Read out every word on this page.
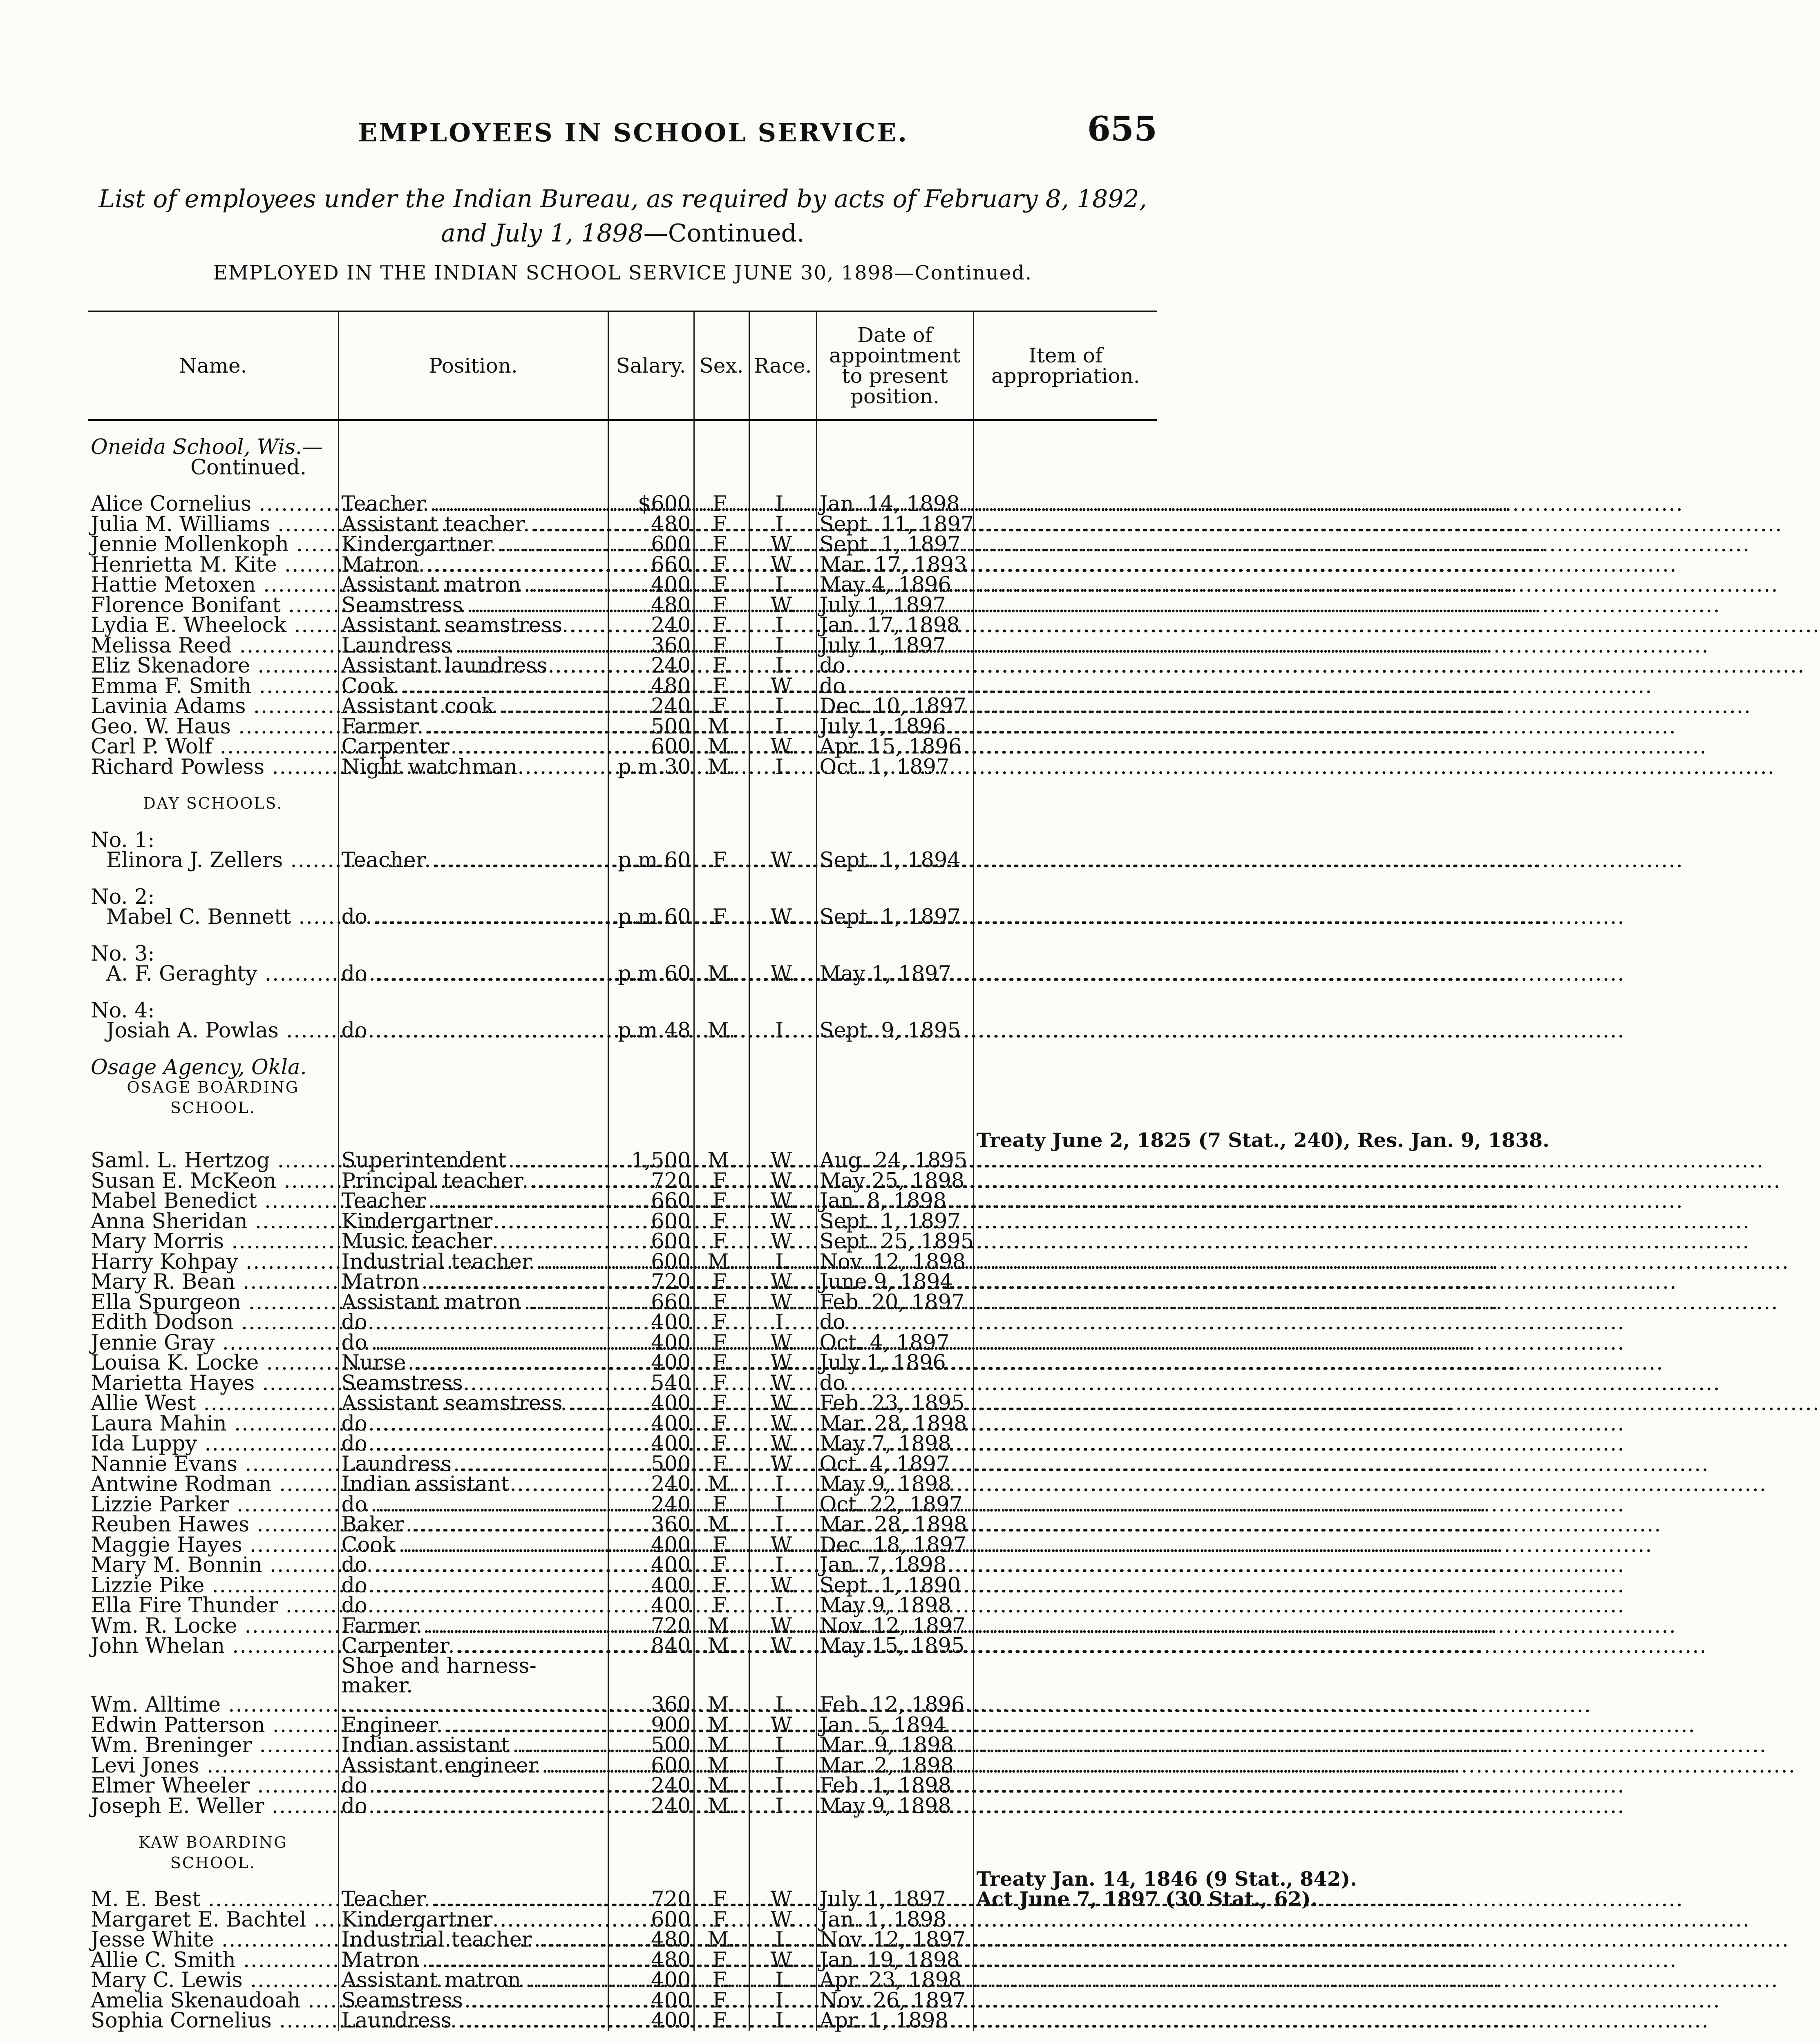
EMPLOYEES IN SCHOOL SERVICE.	655
List of employees under the Indian Bureau, as required by acts of February 8, 1892,
and July 1, 1898—Continued.
EMPLOYED IN THE INDIAN SCHOOL SERVICE JUNE 30, 1898—Continued.
Name.	Position.	Salary.	Sex.	Race.	Date of appointment to present position.	Item of appropriation.

Oneida School, Wis.—						
Continued.						

Alice Cornelius .....	Teacher .....	$600	F.	I.	Jan. 14, 1898	

Julia M. Williams .....	Assistant teacher .....	480	F.	I.	Sept. 11, 1897	

Jennie Mollenkoph .....	Kindergartner .....	600	F.	W.	Sept. 1, 1897	

Henrietta M. Kite .....	Matron .....	660	F.	W.	Mar. 17, 1893	

Hattie Metoxen .....	Assistant matron .....	400	F.	I.	May 4, 1896	

Florence Bonifant .....	Seamstress .....	480	F.	W.	July 1, 1897	

Lydia E. Wheelock .....	Assistant seamstress .....	240	F.	I.	Jan. 17, 1898	

Melissa Reed .....	Laundress .....	360	F.	I.	July 1, 1897	

Eliz Skenadore .....	Assistant laundress .....	240	F.	I.	do	

Emma F. Smith .....	Cook .....	480	F.	W.	do	

Lavinia Adams .....	Assistant cook .....	240	F.	I.	Dec. 10, 1897	

Geo. W. Haus .....	Farmer .....	500	M.	I.	July 1, 1896	

Carl P. Wolf .....	Carpenter .....	600	M.	W.	Apr. 15, 1896	

Richard Powless .....	Night watchman .....	p.m.30	M.	I.	Oct. 1, 1897	

DAY SCHOOLS.						

No. 1:						

Elinora J. Zellers .....	Teacher .....	p.m.60	F.	W.	Sept. 1, 1894	

No. 2:						

Mabel C. Bennett .....	do .....	p.m.60	F.	W.	Sept. 1, 1897	

No. 3:						

A. F. Geraghty .....	do .....	p.m.60	M.	W.	May 1, 1897	

No. 4:						

Josiah A. Powlas .....	do .....	p.m.48	M.	I.	Sept. 9, 1895	

Osage Agency, Okla.						Treaty June 2, 1825 (7 Stat., 240), Res. Jan. 9, 1838.
OSAGE BOARDING						
SCHOOL.						

Saml. L. Hertzog .....	Superintendent .....	1,500	M.	W.	Aug. 24, 1895	

Susan E. McKeon .....	Principal teacher .....	720	F.	W.	May 25, 1898	

Mabel Benedict .....	Teacher .....	660	F.	W.	Jan. 8, 1898	

Anna Sheridan .....	Kindergartner .....	600	F.	W.	Sept. 1, 1897	

Mary Morris .....	Music teacher .....	600	F.	W.	Sept. 25, 1895	

Harry Kohpay .....	Industrial teacher .....	600	M.	I.	Nov. 12, 1898	

Mary R. Bean .....	Matron .....	720	F.	W.	June 9, 1894	

Ella Spurgeon .....	Assistant matron .....	660	F.	W.	Feb. 20, 1897	

Edith Dodson .....	do .....	400	F.	I.	do	

Jennie Gray .....	do .....	400	F.	W.	Oct. 4, 1897	

Louisa K. Locke .....	Nurse .....	400	F.	W.	July 1, 1896	

Marietta Hayes .....	Seamstress .....	540	F.	W.	do	

Allie West .....	Assistant seamstress .....	400	F.	W.	Feb. 23, 1895	

Laura Mahin .....	do .....	400	F.	W.	Mar. 28, 1898	

Ida Luppy .....	do .....	400	F.	W.	May 7, 1898	

Nannie Evans .....	Laundress .....	500	F.	W.	Oct. 4, 1897	

Antwine Rodman .....	Indian assistant .....	240	M.	I.	May 9, 1898	

Lizzie Parker .....	do .....	240	F.	I.	Oct. 22, 1897	

Reuben Hawes .....	Baker .....	360	M.	I.	Mar. 28, 1898	

Maggie Hayes .....	Cook .....	400	F.	W.	Dec. 18, 1897	

Mary M. Bonnin .....	do .....	400	F.	I.	Jan. 7, 1898	

Lizzie Pike .....	do .....	400	F.	W.	Sept. 1, 1890	

Ella Fire Thunder .....	do .....	400	F.	I.	May 9, 1898	

Wm. R. Locke .....	Farmer .....	720	M.	W.	Nov. 12, 1897	

John Whelan .....	Carpenter .....	840	M.	W.	May 15, 1895	

Wm. Alltime .....	Shoe and harness-maker. .....	360	M.	I.	Feb. 12, 1896	

Edwin Patterson .....	Engineer .....	900	M.	W.	Jan. 5, 1894	

Wm. Breninger .....	Indian assistant .....	500	M.	I.	Mar. 9, 1898	

Levi Jones .....	Assistant engineer .....	600	M.	I.	Mar. 2, 1898	

Elmer Wheeler .....	do .....	240	M.	I.	Feb. 1, 1898	

Joseph E. Weller .....	do .....	240	M.	I.	May 9, 1898	

KAW BOARDING						Treaty Jan. 14, 1846 (9 Stat., 842).
Act June 7, 1897 (30 Stat., 62).

SCHOOL.						

M. E. Best .....	Teacher .....	720	F.	W.	July 1, 1897	

Margaret E. Bachtel .....	Kindergartner .....	600	F.	W.	Jan. 1, 1898	

Jesse White .....	Industrial teacher .....	480	M.	I.	Nov. 12, 1897	

Allie C. Smith .....	Matron .....	480	F.	W.	Jan. 19, 1898	

Mary C. Lewis .....	Assistant matron .....	400	F.	I.	Apr. 23, 1898	

Amelia Skenaudoah .....	Seamstress .....	400	F.	I.	Nov. 26, 1897	

Sophia Cornelius .....	Laundress .....	400	F.	I.	Apr. 1, 1898	
